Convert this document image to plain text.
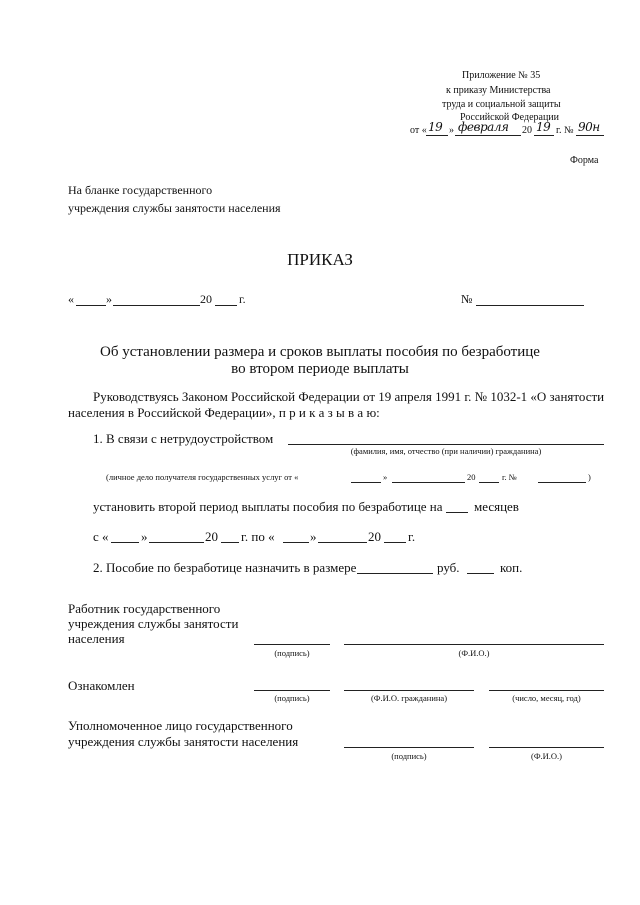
Приложение № 35
к приказу Министерства
труда и социальной защиты
Российской Федерации
от « 19 » февраля 20 19 г. № 90н
Форма
На бланке государственного
учреждения службы занятости населения
ПРИКАЗ
«	»	20 г.	№
Об установлении размера и сроков выплаты пособия по безработице
во втором периоде выплаты
Руководствуясь Законом Российской Федерации от 19 апреля 1991 г. № 1032-1 «О занятости
населения в Российской Федерации», п р и к а з ы в а ю:
1. В связи с нетрудоустройством
(фамилия, имя, отчество (при наличии) гражданина)
(личное дело получателя государственных услуг от «	»	20	г. №	)
установить второй период выплаты пособия по безработице на месяцев
с « »	20 г. по «	»	20 г.
2. Пособие по безработице назначить в размере	руб.	коп.
Работник государственного
учреждения службы занятости
населения
(подпись)	(Ф.И.О.)
Ознакомлен
(подпись)	(Ф.И.О. гражданина)	(число, месяц, год)
Уполномоченное лицо государственного
учреждения службы занятости населения
(подпись)	(Ф.И.О.)
